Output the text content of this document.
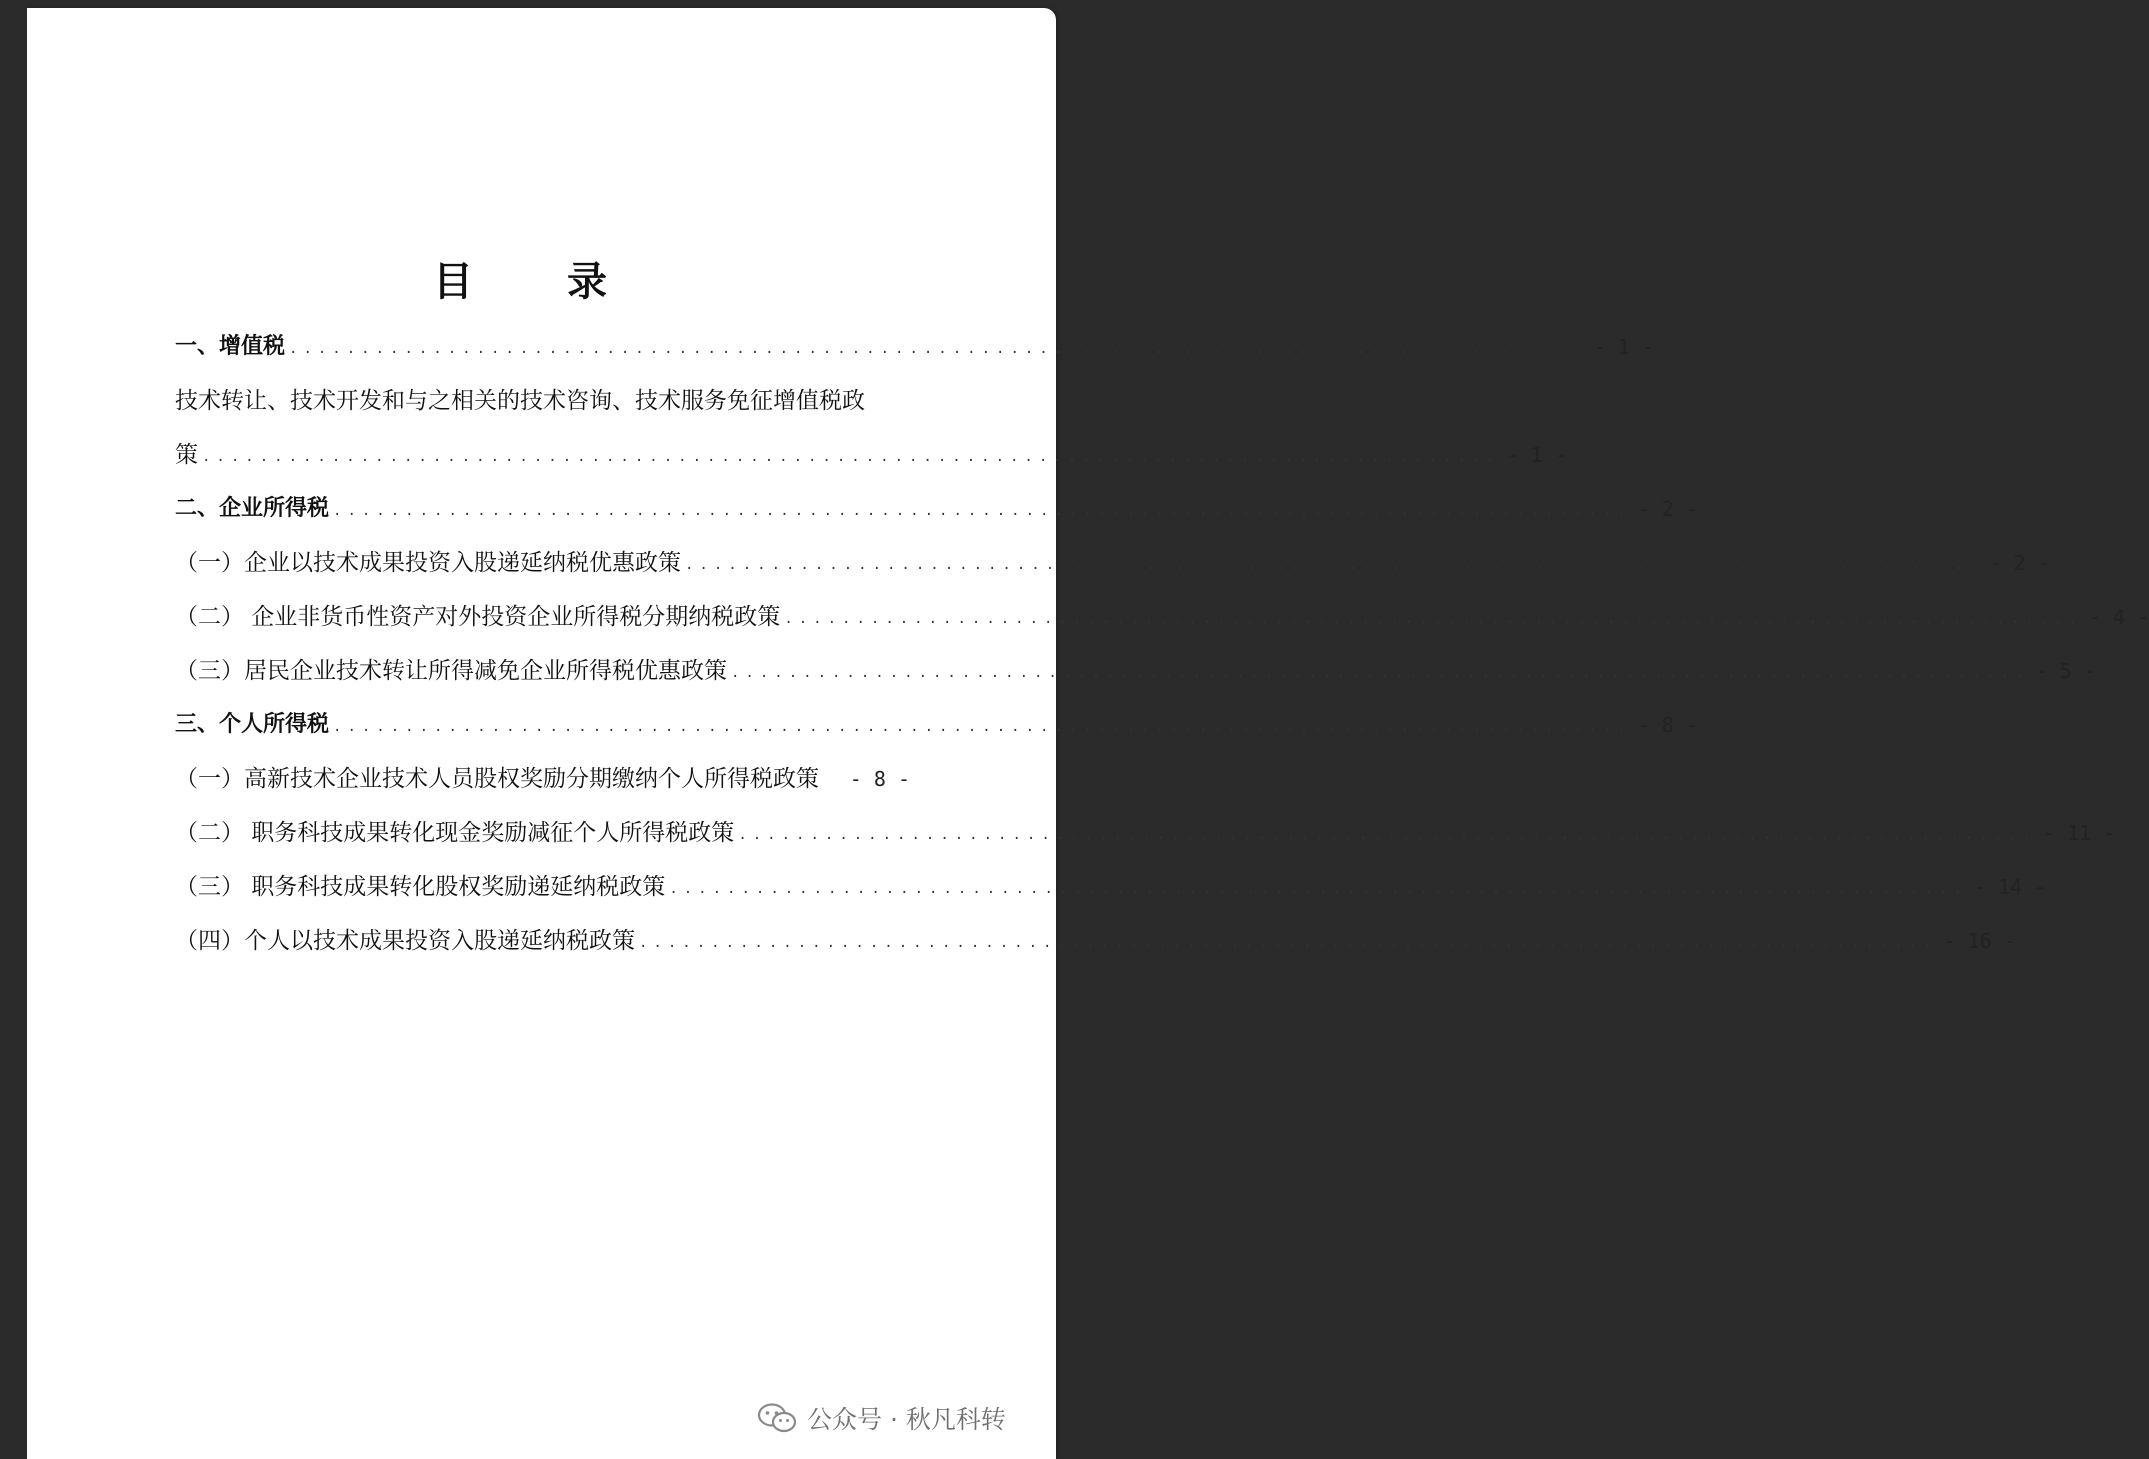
目 录
一、增值税 .......................................................................................... - 1 -
技术转让、技术开发和与之相关的技术咨询、技术服务免征增值税政
策 .......................................................................................... - 1 -
二、企业所得税 .......................................................................................... - 2 -
（一）企业以技术成果投资入股递延纳税优惠政策 .......................................................................................... - 2 -
（二） 企业非货币性资产对外投资企业所得税分期纳税政策 .......................................................................................... - 4 -
（三）居民企业技术转让所得减免企业所得税优惠政策 .......................................................................................... - 5 -
三、个人所得税 .......................................................................................... - 8 -
（一）高新技术企业技术人员股权奖励分期缴纳个人所得税政策	- 8 -
（二） 职务科技成果转化现金奖励减征个人所得税政策 .......................................................................................... - 11 -
（三） 职务科技成果转化股权奖励递延纳税政策 .......................................................................................... - 14 -
（四）个人以技术成果投资入股递延纳税政策 .......................................................................................... - 16 -
公众号 · 秋凡科转
